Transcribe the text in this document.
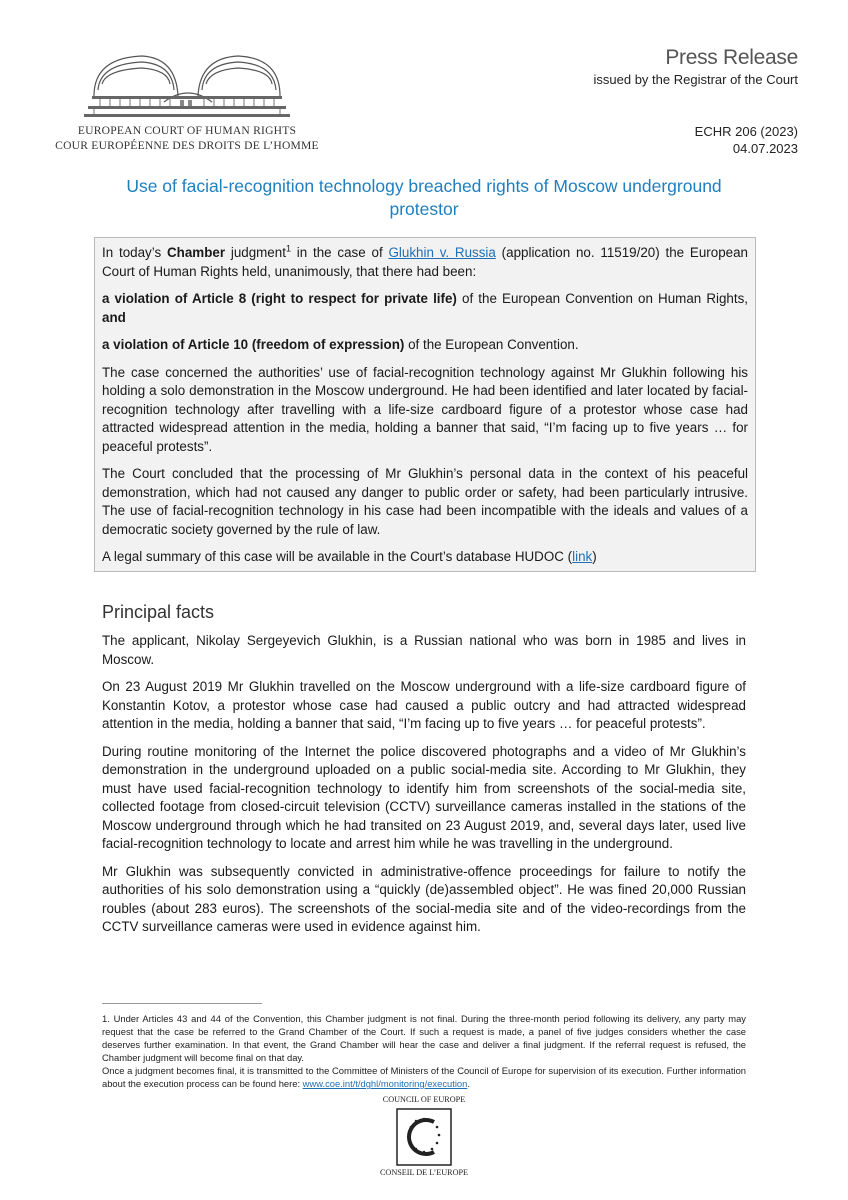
EUROPEAN COURT OF HUMAN RIGHTS
COUR EUROPÉENNE DES DROITS DE L’HOMME
Press Release
issued by the Registrar of the Court
ECHR 206 (2023)
04.07.2023
Use of facial-recognition technology breached rights of Moscow underground protestor

In today’s Chamber judgment$^1$ in the case of Glukhin v. Russia (application no. 11519/20) the European Court of Human Rights held, unanimously, that there had been:

a violation of Article 8 (right to respect for private life) of the European Convention on Human Rights, and

a violation of Article 10 (freedom of expression) of the European Convention.

The case concerned the authorities’ use of facial-recognition technology against Mr Glukhin following his holding a solo demonstration in the Moscow underground. He had been identified and later located by facial-recognition technology after travelling with a life-size cardboard figure of a protestor whose case had attracted widespread attention in the media, holding a banner that said, “I’m facing up to five years … for peaceful protests”.

The Court concluded that the processing of Mr Glukhin’s personal data in the context of his peaceful demonstration, which had not caused any danger to public order or safety, had been particularly intrusive. The use of facial-recognition technology in his case had been incompatible with the ideals and values of a democratic society governed by the rule of law.

A legal summary of this case will be available in the Court’s database HUDOC (link)

Principal facts

The applicant, Nikolay Sergeyevich Glukhin, is a Russian national who was born in 1985 and lives in Moscow.

On 23 August 2019 Mr Glukhin travelled on the Moscow underground with a life-size cardboard figure of Konstantin Kotov, a protestor whose case had caused a public outcry and had attracted widespread attention in the media, holding a banner that said, “I’m facing up to five years … for peaceful protests”.

During routine monitoring of the Internet the police discovered photographs and a video of Mr Glukhin’s demonstration in the underground uploaded on a public social-media site. According to Mr Glukhin, they must have used facial-recognition technology to identify him from screenshots of the social-media site, collected footage from closed-circuit television (CCTV) surveillance cameras installed in the stations of the Moscow underground through which he had transited on 23 August 2019, and, several days later, used live facial-recognition technology to locate and arrest him while he was travelling in the underground.

Mr Glukhin was subsequently convicted in administrative-offence proceedings for failure to notify the authorities of his solo demonstration using a “quickly (de)assembled object”. He was fined 20,000 Russian roubles (about 283 euros). The screenshots of the social-media site and of the video-recordings from the CCTV surveillance cameras were used in evidence against him.

1. Under Articles 43 and 44 of the Convention, this Chamber judgment is not final. During the three-month period following its delivery, any party may request that the case be referred to the Grand Chamber of the Court. If such a request is made, a panel of five judges considers whether the case deserves further examination. In that event, the Grand Chamber will hear the case and deliver a final judgment. If the referral request is refused, the Chamber judgment will become final on that day.

Once a judgment becomes final, it is transmitted to the Committee of Ministers of the Council of Europe for supervision of its execution. Further information about the execution process can be found here: www.coe.int/t/dghl/monitoring/execution.

COUNCIL OF EUROPE
CONSEIL DE L’EUROPE
